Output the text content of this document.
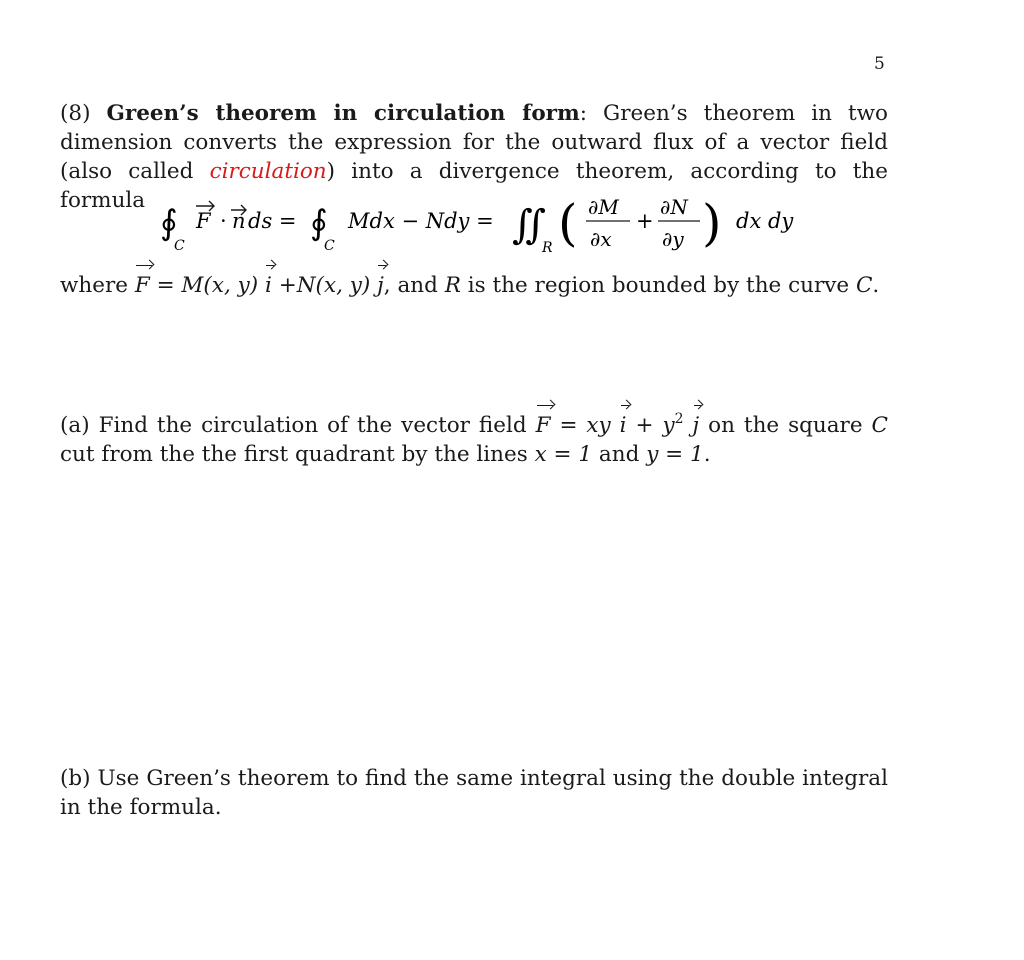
5
(8) Green’s theorem in circulation form: Green’s theorem in two dimension converts the expression for the outward flux of a vector field (also called circulation) into a divergence theorem, according to the formula
∮
C
F · n ds = ∮
C
Mdx − Ndy = ∬
R ( ∂M
∂x
+
∂N
∂y ) dx dy
where F = M(x, y) i +N(x, y) j, and R is the region bounded by the curve C.
(a) Find the circulation of the vector field F = xy $i + y^2$ j on the square C cut from the the first quadrant by the lines x = 1 and y = 1.
(b) Use Green’s theorem to find the same integral using the double integral in the formula.
